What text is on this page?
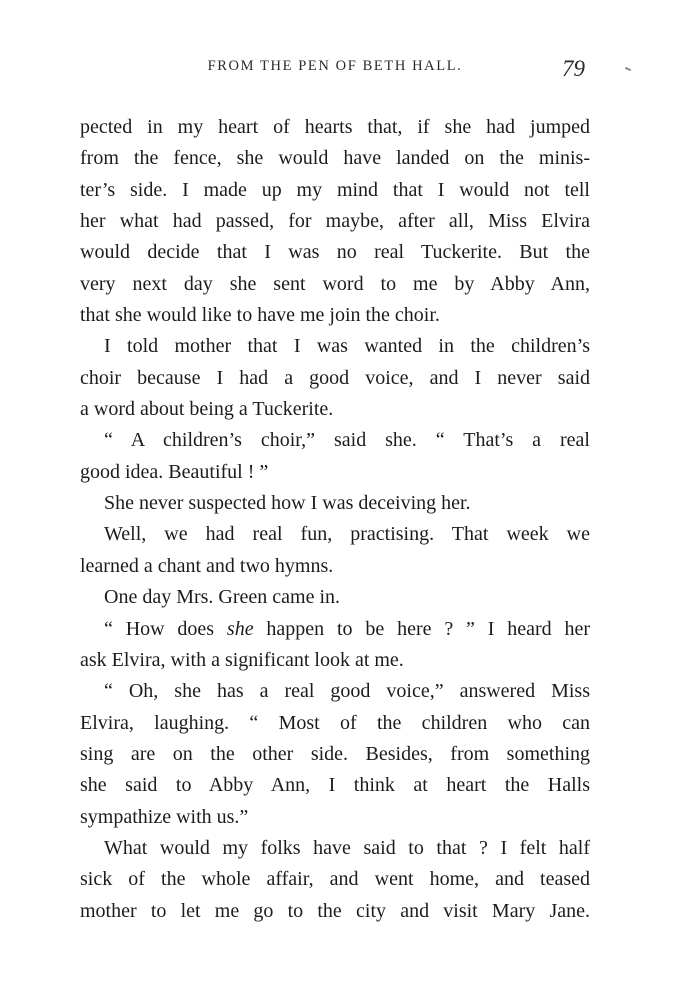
FROM THE PEN OF BETH HALL.	79
pected in my heart of hearts that, if she had jumped
from the fence, she would have landed on the minis-
ter’s side. I made up my mind that I would not tell
her what had passed, for maybe, after all, Miss Elvira
would decide that I was no real Tuckerite. But the
very next day she sent word to me by Abby Ann,
that she would like to have me join the choir.
I told mother that I was wanted in the children’s
choir because I had a good voice, and I never said
a word about being a Tuckerite.
“ A children’s choir,” said she. “ That’s a real
good idea. Beautiful ! ”
She never suspected how I was deceiving her.
Well, we had real fun, practising. That week we
learned a chant and two hymns.
One day Mrs. Green came in.
“ How does she happen to be here ? ” I heard her
ask Elvira, with a significant look at me.
“ Oh, she has a real good voice,” answered Miss
Elvira, laughing. “ Most of the children who can
sing are on the other side. Besides, from something
she said to Abby Ann, I think at heart the Halls
sympathize with us.”
What would my folks have said to that ? I felt half
sick of the whole affair, and went home, and teased
mother to let me go to the city and visit Mary Jane.
